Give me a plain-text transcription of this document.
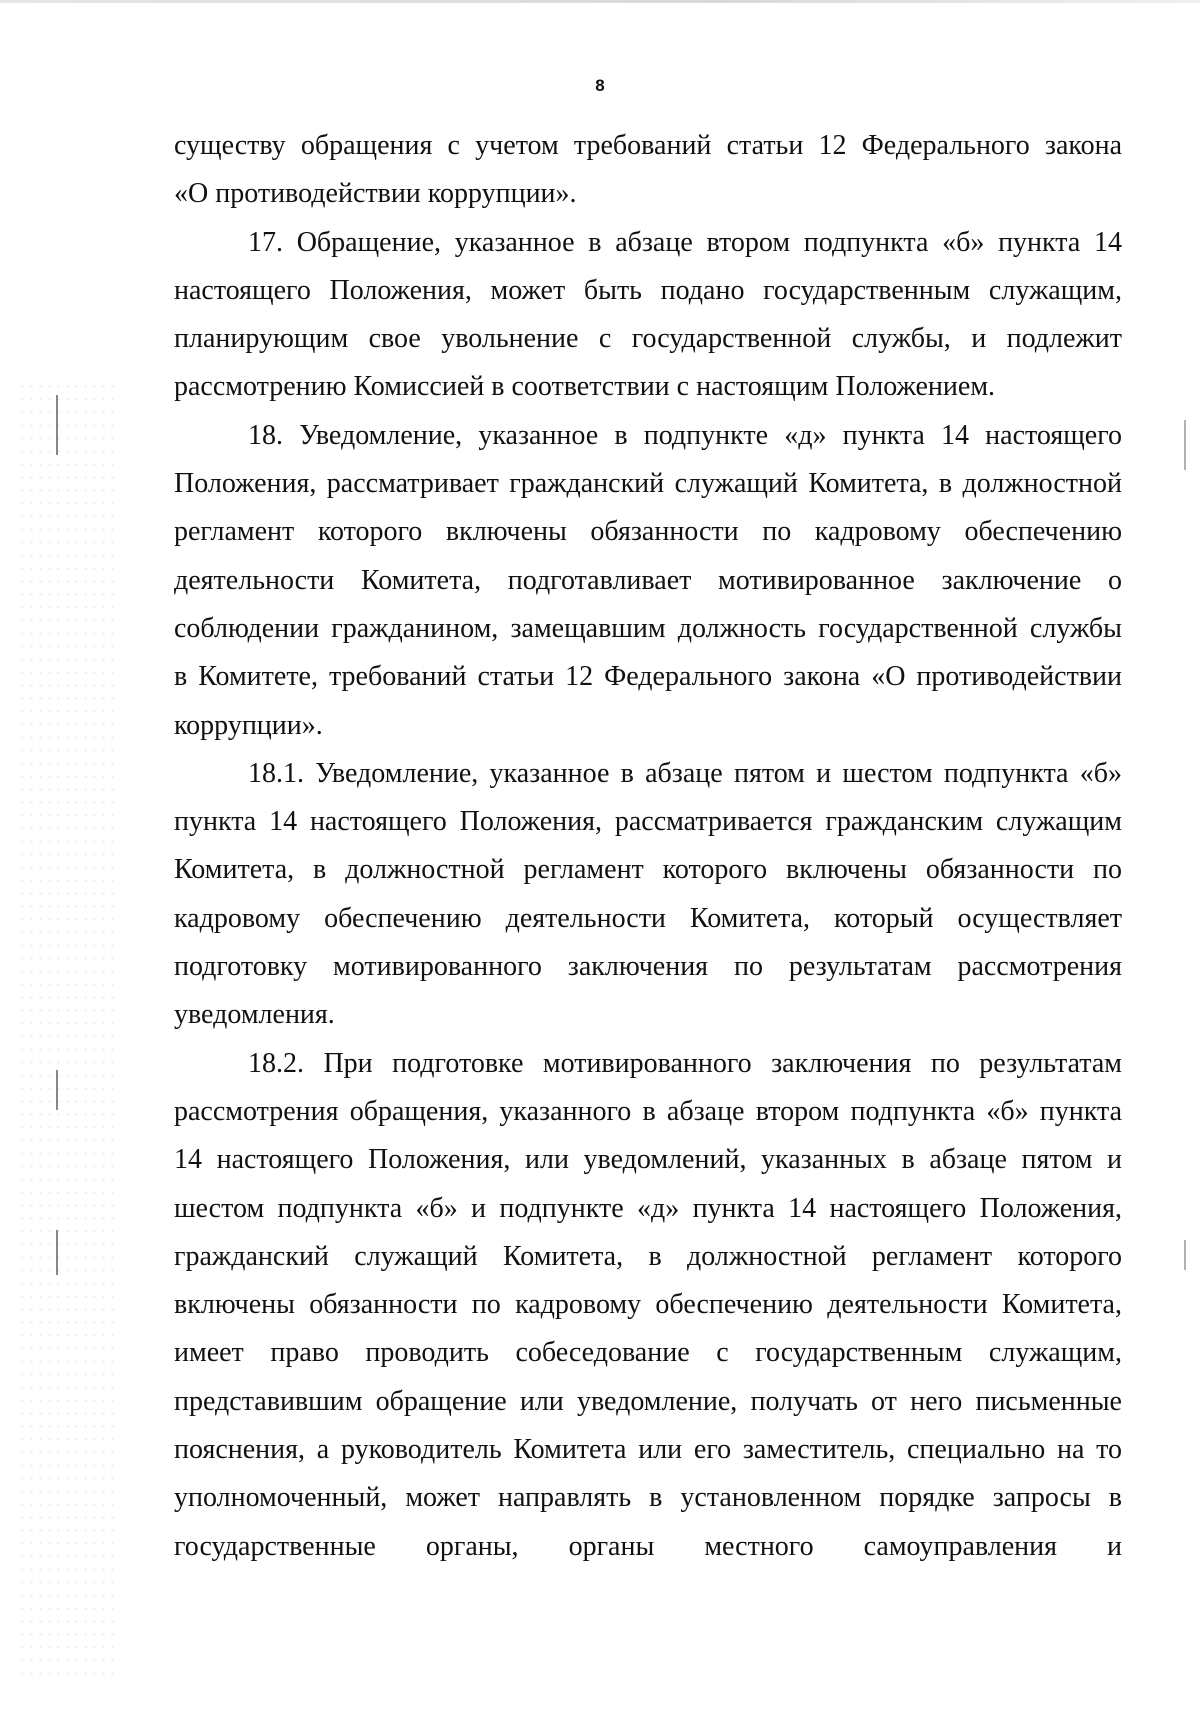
8
существу обращения с учетом требований статьи 12 Федерального закона
«О противодействии коррупции».
17. Обращение, указанное в абзаце втором подпункта «б» пункта 14
настоящего Положения, может быть подано государственным служащим,
планирующим свое увольнение с государственной службы, и подлежит
рассмотрению Комиссией в соответствии с настоящим Положением.
18. Уведомление, указанное в подпункте «д» пункта 14 настоящего
Положения, рассматривает гражданский служащий Комитета, в должностной
регламент которого включены обязанности по кадровому обеспечению
деятельности Комитета, подготавливает мотивированное заключение о
соблюдении гражданином, замещавшим должность государственной службы
в Комитете, требований статьи 12 Федерального закона «О противодействии
коррупции».
18.1. Уведомление, указанное в абзаце пятом и шестом подпункта «б»
пункта 14 настоящего Положения, рассматривается гражданским служащим
Комитета, в должностной регламент которого включены обязанности по
кадровому обеспечению деятельности Комитета, который осуществляет
подготовку мотивированного заключения по результатам рассмотрения
уведомления.
18.2. При подготовке мотивированного заключения по результатам
рассмотрения обращения, указанного в абзаце втором подпункта «б» пункта
14 настоящего Положения, или уведомлений, указанных в абзаце пятом и
шестом подпункта «б» и подпункте «д» пункта 14 настоящего Положения,
гражданский служащий Комитета, в должностной регламент которого
включены обязанности по кадровому обеспечению деятельности Комитета,
имеет право проводить собеседование с государственным служащим,
представившим обращение или уведомление, получать от него письменные
пояснения, а руководитель Комитета или его заместитель, специально на то
уполномоченный, может направлять в установленном порядке запросы в
государственные органы, органы местного самоуправления и
